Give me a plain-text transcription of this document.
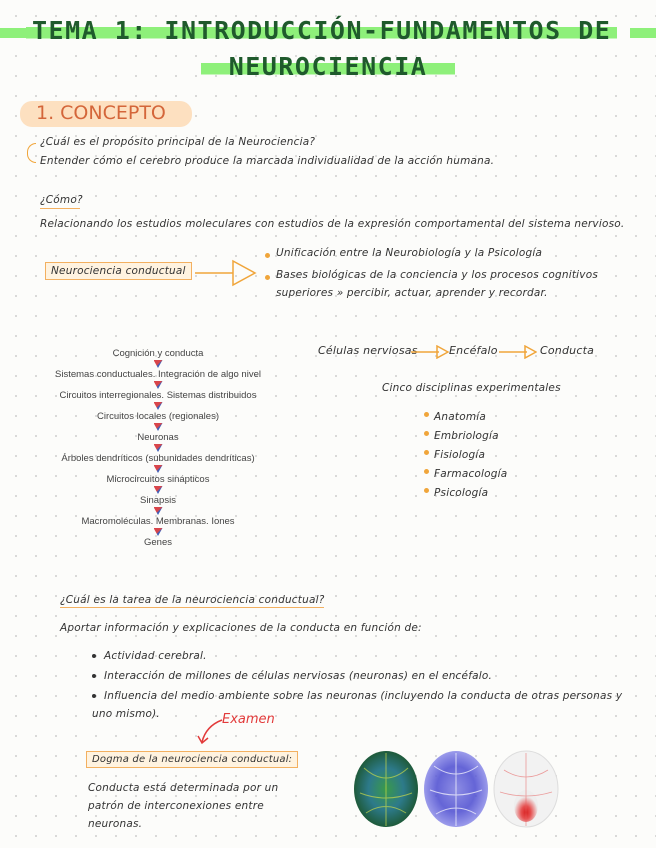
TEMA 1: INTRODUCCIÓN-FUNDAMENTOS DE
NEUROCIENCIA
1. CONCEPTO
¿Cuál es el propósito principal de la Neurociencia?
Entender cómo el cerebro produce la marcada individualidad de la acción humana.
¿Cómo?
Relacionando los estudios moleculares con estudios de la expresión comportamental del sistema nervioso.
Neurociencia conductual
Unificación entre la Neurobiología y la Psicología
Bases biológicas de la conciencia y los procesos cognitivos
superiores » percibir, actuar, aprender y recordar.
Cognición y conducta
Sistemas conductuales. Integración de algo nivel
Circuitos interregionales. Sistemas distribuidos
Circuitos locales (regionales)
Neuronas
Árboles dendríticos (subunidades dendríticas)
Microcircuitos sinápticos
Sinapsis
Macromoléculas. Membranas. Iones
Genes
Células nerviosas	Encéfalo	Conducta
Cinco disciplinas experimentales
Anatomía
Embriología
Fisiología
Farmacología
Psicología
¿Cuál es la tarea de la neurociencia conductual?
Aportar información y explicaciones de la conducta en función de:
Actividad cerebral.
Interacción de millones de células nerviosas (neuronas) en el encéfalo.
Influencia del medio ambiente sobre las neuronas (incluyendo la conducta de otras personas y
uno mismo).	Examen
Dogma de la neurociencia conductual:
Conducta está determinada por un
patrón de interconexiones entre
neuronas.
